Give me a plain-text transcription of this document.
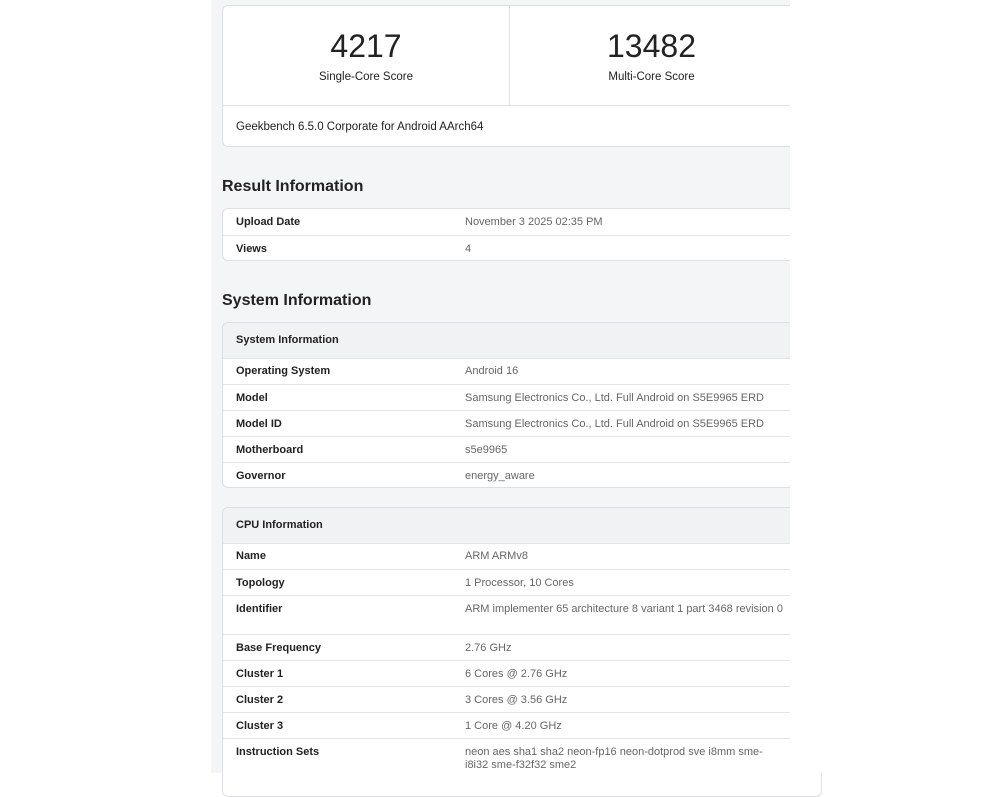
4217
Single-Core Score
13482
Multi-Core Score
Geekbench 6.5.0 Corporate for Android AArch64
Result Information
Upload Date	November 3 2025 02:35 PM
Views	4
System Information
System Information
Operating System	Android 16
Model	Samsung Electronics Co., Ltd. Full Android on S5E9965 ERD
Model ID	Samsung Electronics Co., Ltd. Full Android on S5E9965 ERD
Motherboard	s5e9965
Governor	energy_aware
CPU Information
Name	ARM ARMv8
Topology	1 Processor, 10 Cores
Identifier	ARM implementer 65 architecture 8 variant 1 part 3468 revision 0
Base Frequency	2.76 GHz
Cluster 1	6 Cores @ 2.76 GHz
Cluster 2	3 Cores @ 3.56 GHz
Cluster 3	1 Core @ 4.20 GHz
Instruction Sets	neon aes sha1 sha2 neon-fp16 neon-dotprod sve i8mm sme-i8i32 sme-f32f32 sme2
